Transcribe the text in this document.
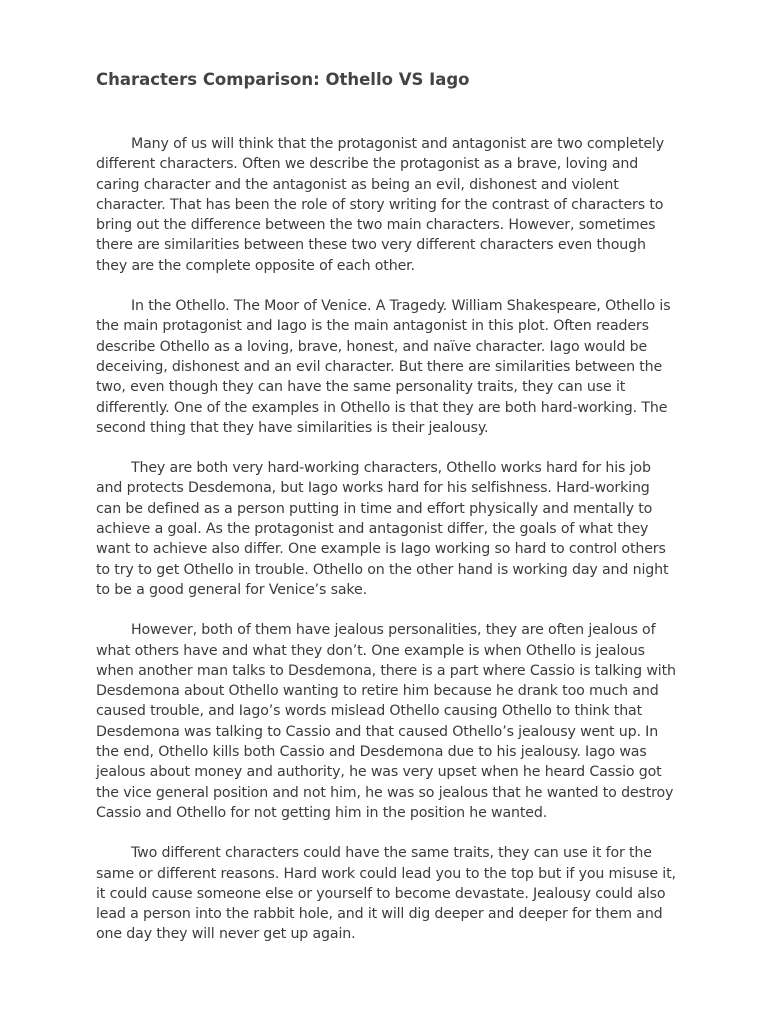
Characters Comparison: Othello VS Iago

Many of us will think that the protagonist and antagonist are two completely different characters. Often we describe the protagonist as a brave, loving and caring character and the antagonist as being an evil, dishonest and violent character. That has been the role of story writing for the contrast of characters to bring out the difference between the two main characters. However, sometimes there are similarities between these two very different characters even though they are the complete opposite of each other.

In the Othello. The Moor of Venice. A Tragedy. William Shakespeare, Othello is the main protagonist and Iago is the main antagonist in this plot. Often readers describe Othello as a loving, brave, honest, and naïve character. Iago would be deceiving, dishonest and an evil character. But there are similarities between the two, even though they can have the same personality traits, they can use it differently. One of the examples in Othello is that they are both hard-working. The second thing that they have similarities is their jealousy.

They are both very hard-working characters, Othello works hard for his job and protects Desdemona, but Iago works hard for his selfishness. Hard-working can be defined as a person putting in time and effort physically and mentally to achieve a goal. As the protagonist and antagonist differ, the goals of what they want to achieve also differ. One example is Iago working so hard to control others to try to get Othello in trouble. Othello on the other hand is working day and night to be a good general for Venice’s sake.

However, both of them have jealous personalities, they are often jealous of what others have and what they don’t. One example is when Othello is jealous when another man talks to Desdemona, there is a part where Cassio is talking with Desdemona about Othello wanting to retire him because he drank too much and caused trouble, and Iago’s words mislead Othello causing Othello to think that Desdemona was talking to Cassio and that caused Othello’s jealousy went up. In the end, Othello kills both Cassio and Desdemona due to his jealousy. Iago was jealous about money and authority, he was very upset when he heard Cassio got the vice general position and not him, he was so jealous that he wanted to destroy Cassio and Othello for not getting him in the position he wanted.

Two different characters could have the same traits, they can use it for the same or different reasons. Hard work could lead you to the top but if you misuse it, it could cause someone else or yourself to become devastate. Jealousy could also lead a person into the rabbit hole, and it will dig deeper and deeper for them and one day they will never get up again.
